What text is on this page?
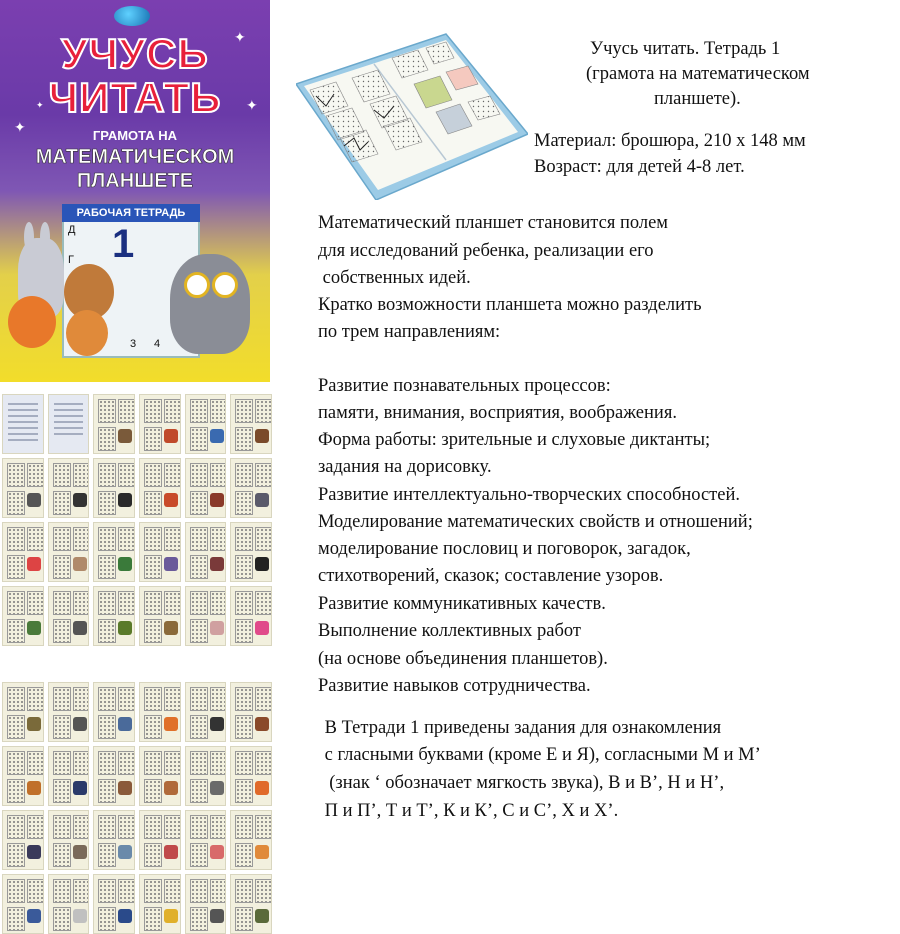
✦
✦
✦
✦
УЧУСЬ
ЧИТАТЬ
ГРАМОТА НА
МАТЕМАТИЧЕСКОМ
ПЛАНШЕТЕ
РАБОЧАЯ ТЕТРАДЬ
1
Д
Г
3 4
Учусь читать. Тетрадь 1
(грамота на математическом
планшете).
Материал: брошюра, 210 х 148 мм
Возраст: для детей 4-8 лет.
Математический планшет становится полем
для исследований ребенка, реализации его
собственных идей.
Кратко возможности планшета можно разделить
по трем направлениям:
Развитие познавательных процессов:
памяти, внимания, восприятия, воображения.
Форма работы: зрительные и слуховые диктанты;
задания на дорисовку.
Развитие интеллектуально-творческих способностей.
Моделирование математических свойств и отношений;
моделирование пословиц и поговорок, загадок,
стихотворений, сказок; составление узоров.
Развитие коммуникативных качеств.
Выполнение коллективных работ
(на основе объединения планшетов).
Развитие навыков сотрудничества.
В Тетради 1 приведены задания для ознакомления
с гласными буквами (кроме Е и Я), согласными М и М’
(знак ‘ обозначает мягкость звука), В и В’, Н и Н’,
П и П’, Т и Т’, К и К’, С и С’, Х и Х’.
